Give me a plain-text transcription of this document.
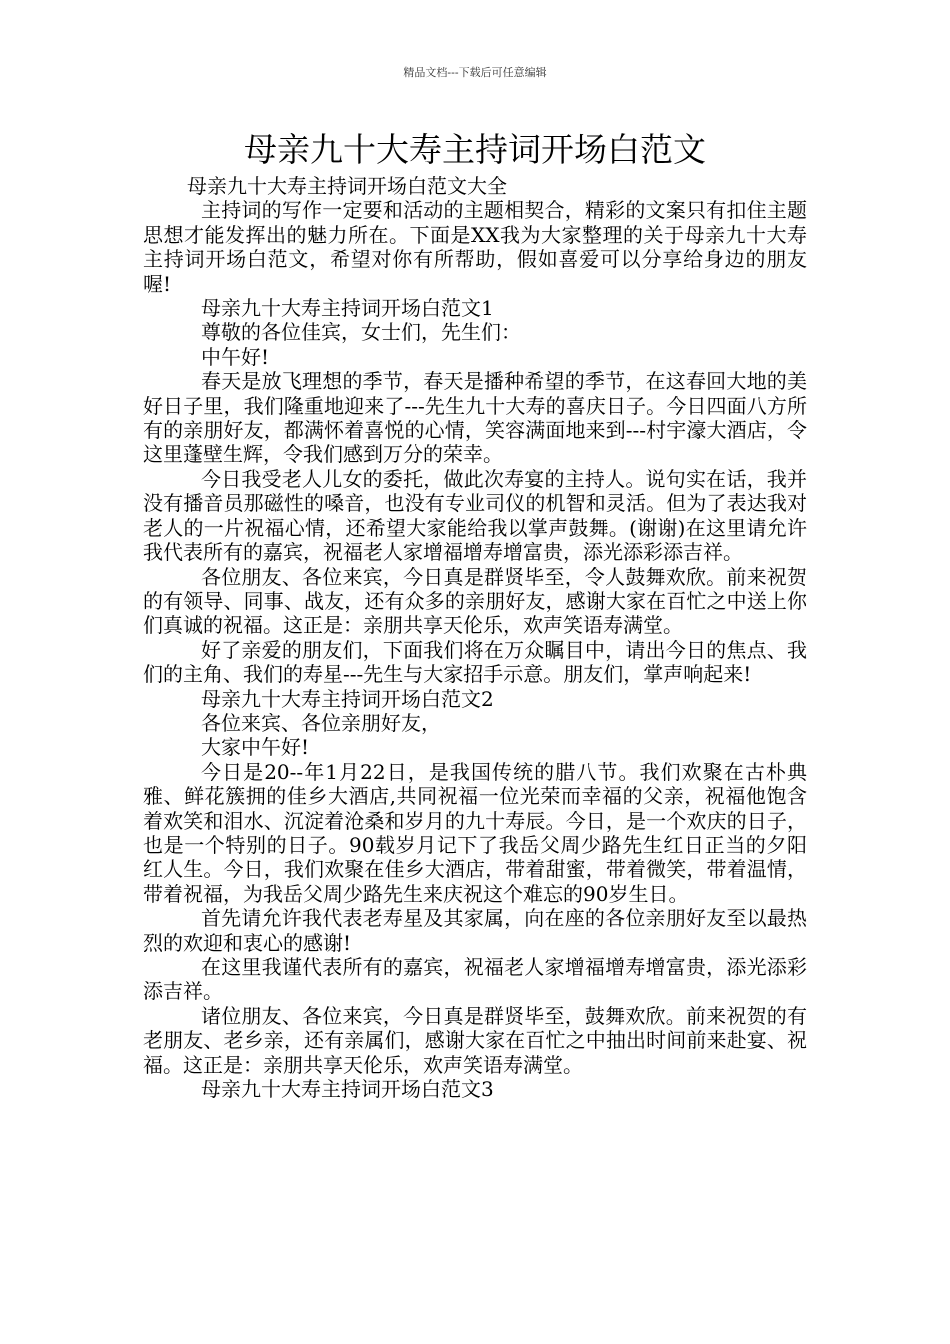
精品文档---下载后可任意编辑
母亲九十大寿主持词开场白范文

母亲九十大寿主持词开场白范文大全

主持词的写作一定要和活动的主题相契合，精彩的文案只有扣住主题思想才能发挥出的魅力所在。下面是XX我为大家整理的关于母亲九十大寿主持词开场白范文，希望对你有所帮助，假如喜爱可以分享给身边的朋友喔!

母亲九十大寿主持词开场白范文1

尊敬的各位佳宾，女士们，先生们：

中午好!

春天是放飞理想的季节，春天是播种希望的季节，在这春回大地的美好日子里，我们隆重地迎来了---先生九十大寿的喜庆日子。今日四面八方所有的亲朋好友，都满怀着喜悦的心情，笑容满面地来到---村宇濠大酒店，令这里蓬壁生辉，令我们感到万分的荣幸。

今日我受老人儿女的委托，做此次寿宴的主持人。说句实在话，我并没有播音员那磁性的嗓音，也没有专业司仪的机智和灵活。但为了表达我对老人的一片祝福心情，还希望大家能给我以掌声鼓舞。(谢谢)在这里请允许我代表所有的嘉宾，祝福老人家增福增寿增富贵，添光添彩添吉祥。

各位朋友、各位来宾，今日真是群贤毕至，令人鼓舞欢欣。前来祝贺的有领导、同事、战友，还有众多的亲朋好友，感谢大家在百忙之中送上你们真诚的祝福。这正是：亲朋共享天伦乐，欢声笑语寿满堂。

好了亲爱的朋友们，下面我们将在万众瞩目中，请出今日的焦点、我们的主角、我们的寿星---先生与大家招手示意。朋友们，掌声响起来!

母亲九十大寿主持词开场白范文2

各位来宾、各位亲朋好友，

大家中午好!

今日是20--年1月22日，是我国传统的腊八节。我们欢聚在古朴典雅、鲜花簇拥的佳乡大酒店,共同祝福一位光荣而幸福的父亲，祝福他饱含着欢笑和泪水、沉淀着沧桑和岁月的九十寿辰。今日，是一个欢庆的日子，也是一个特别的日子。90载岁月记下了我岳父周少路先生红日正当的夕阳红人生。今日，我们欢聚在佳乡大酒店，带着甜蜜，带着微笑，带着温情，带着祝福，为我岳父周少路先生来庆祝这个难忘的90岁生日。

首先请允许我代表老寿星及其家属，向在座的各位亲朋好友至以最热烈的欢迎和衷心的感谢!

在这里我谨代表所有的嘉宾，祝福老人家增福增寿增富贵，添光添彩添吉祥。

诸位朋友、各位来宾，今日真是群贤毕至，鼓舞欢欣。前来祝贺的有老朋友、老乡亲，还有亲属们，感谢大家在百忙之中抽出时间前来赴宴、祝福。这正是：亲朋共享天伦乐，欢声笑语寿满堂。

母亲九十大寿主持词开场白范文3
